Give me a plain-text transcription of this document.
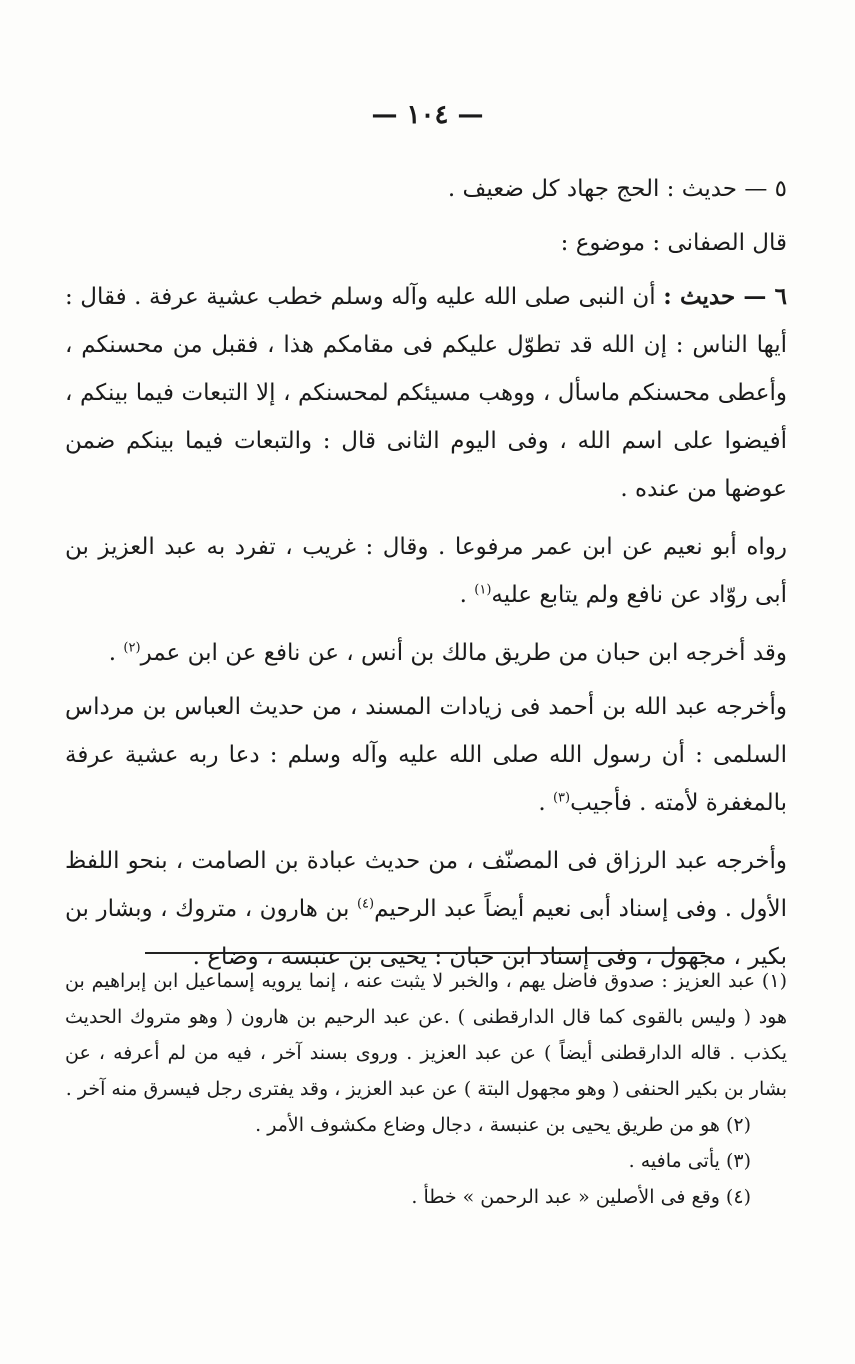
— ١٠٤ —

٥ — حديث : الحج جهاد كل ضعيف .

قال الصفانى : موضوع :

٦ — حديث : أن النبى صلى الله عليه وآله وسلم خطب عشية عرفة . فقال : أيها الناس : إن الله قد تطوّل عليكم فى مقامكم هذا ، فقبل من محسنكم ، وأعطى محسنكم ماسأل ، ووهب مسيئكم لمحسنكم ، إلا التبعات فيما بينكم ، أفيضوا على اسم الله ، وفى اليوم الثانى قال : والتبعات فيما بينكم ضمن عوضها من عنده .

رواه أبو نعيم عن ابن عمر مرفوعا . وقال : غريب ، تفرد به عبد العزيز بن أبى روّاد عن نافع ولم يتابع عليه$^{(١)}$ .

وقد أخرجه ابن حبان من طريق مالك بن أنس ، عن نافع عن ابن عمر$^{(٢)}$ .

وأخرجه عبد الله بن أحمد فى زيادات المسند ، من حديث العباس بن مرداس السلمى : أن رسول الله صلى الله عليه وآله وسلم : دعا ربه عشية عرفة بالمغفرة لأمته . فأجيب$^{(٣)}$ .

وأخرجه عبد الرزاق فى المصنّف ، من حديث عبادة بن الصامت ، بنحو اللفظ الأول . وفى إسناد أبى نعيم أيضاً عبد الرحيم$^{(٤)}$ بن هارون ، متروك ، وبشار بن بكير ، مجهول ، وفى إسناد ابن حبان : يحيى بن عنبسة ، وضاع .

(١) عبد العزيز : صدوق فاضل يهم ، والخبر لا يثبت عنه ، إنما يرويه إسماعيل ابن إبراهيم بن هود ( وليس بالقوى كما قال الدارقطنى ) .عن عبد الرحيم بن هارون ( وهو متروك الحديث يكذب . قاله الدارقطنى أيضاً ) عن عبد العزيز . وروى بسند آخر ، فيه من لم أعرفه ، عن بشار بن بكير الحنفى ( وهو مجهول البتة ) عن عبد العزيز ، وقد يفترى رجل فيسرق منه آخر .

(٢) هو من طريق يحيى بن عنبسة ، دجال وضاع مكشوف الأمر .

(٣) يأتى مافيه .

(٤) وقع فى الأصلين « عبد الرحمن » خطأ .
